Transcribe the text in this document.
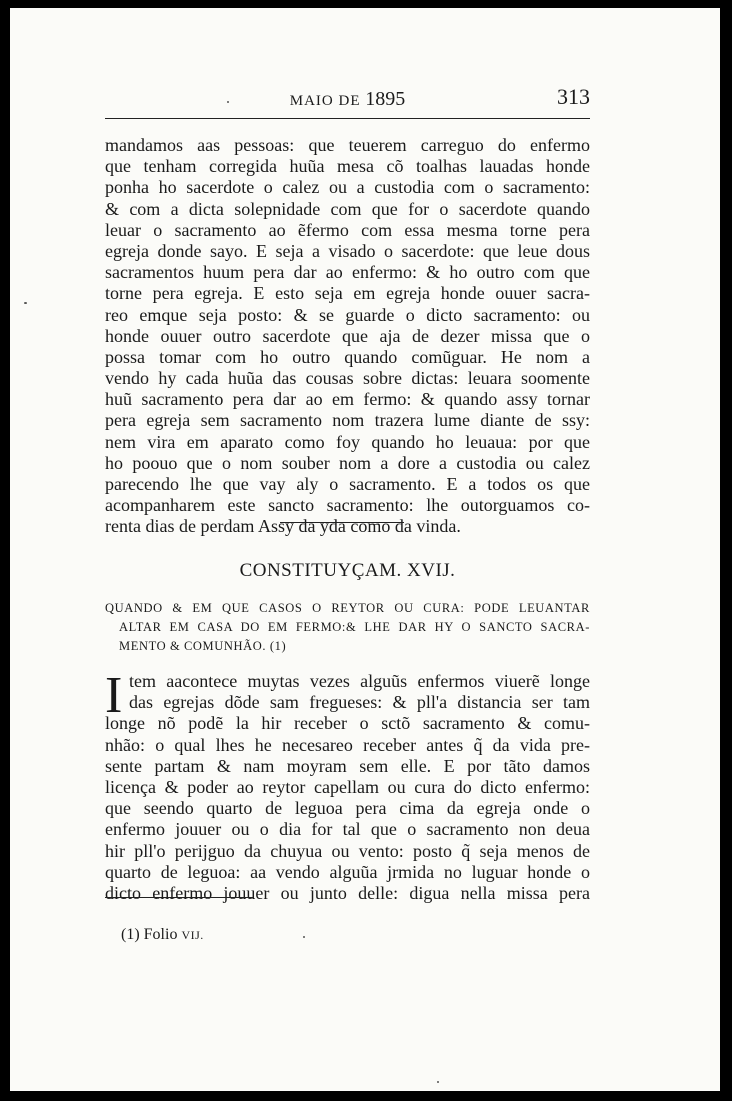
MAIO DE 1895	313
mandamos aas pessoas: que teuerem carreguo do enfermo
que tenham corregida huũa mesa cõ toalhas lauadas honde
ponha ho sacerdote o calez ou a custodia com o sacramento:
& com a dicta solepnidade com que for o sacerdote quando
leuar o sacramento ao ẽfermo com essa mesma torne pera
egreja donde sayo. E seja a visado o sacerdote: que leue dous
sacramentos huum pera dar ao enfermo: & ho outro com que
torne pera egreja. E esto seja em egreja honde ouuer sacra-
reo emque seja posto: & se guarde o dicto sacramento: ou
honde ouuer outro sacerdote que aja de dezer missa que o
possa tomar com ho outro quando comũguar. He nom a
vendo hy cada huũa das cousas sobre dictas: leuara soomente
huũ sacramento pera dar ao em fermo: & quando assy tornar
pera egreja sem sacramento nom trazera lume diante de ssy:
nem vira em aparato como foy quando ho leuaua: por que
ho poouo que o nom souber nom a dore a custodia ou calez
parecendo lhe que vay aly o sacramento. E a todos os que
acompanharem este sancto sacramento: lhe outorguamos co-
renta dias de perdam Assy da yda como da vinda.
CONSTITUYÇAM. XVIJ.
QUANDO & EM QUE CASOS O REYTOR OU CURA: PODE LEUANTAR
ALTAR EM CASA DO EM FERMO:& LHE DAR HY O SANCTO SACRA-
MENTO & COMUNHÃO. (1)
I tem aacontece muytas vezes alguũs enfermos viuerẽ longe
das egrejas dõde sam fregueses: & pll'a distancia ser tam
longe nõ podẽ la hir receber o sctõ sacramento & comu-
nhão: o qual lhes he necesareo receber antes q̃ da vida pre-
sente partam & nam moyram sem elle. E por tãto damos
licença & poder ao reytor capellam ou cura do dicto enfermo:
que seendo quarto de leguoa pera cima da egreja onde o
enfermo jouuer ou o dia for tal que o sacramento non deua
hir pll'o perijguo da chuyua ou vento: posto q̃ seja menos de
quarto de leguoa: aa vendo alguũa jrmida no luguar honde o
dicto enfermo jouuer ou junto delle: digua nella missa pera
(1) Folio VIJ.
